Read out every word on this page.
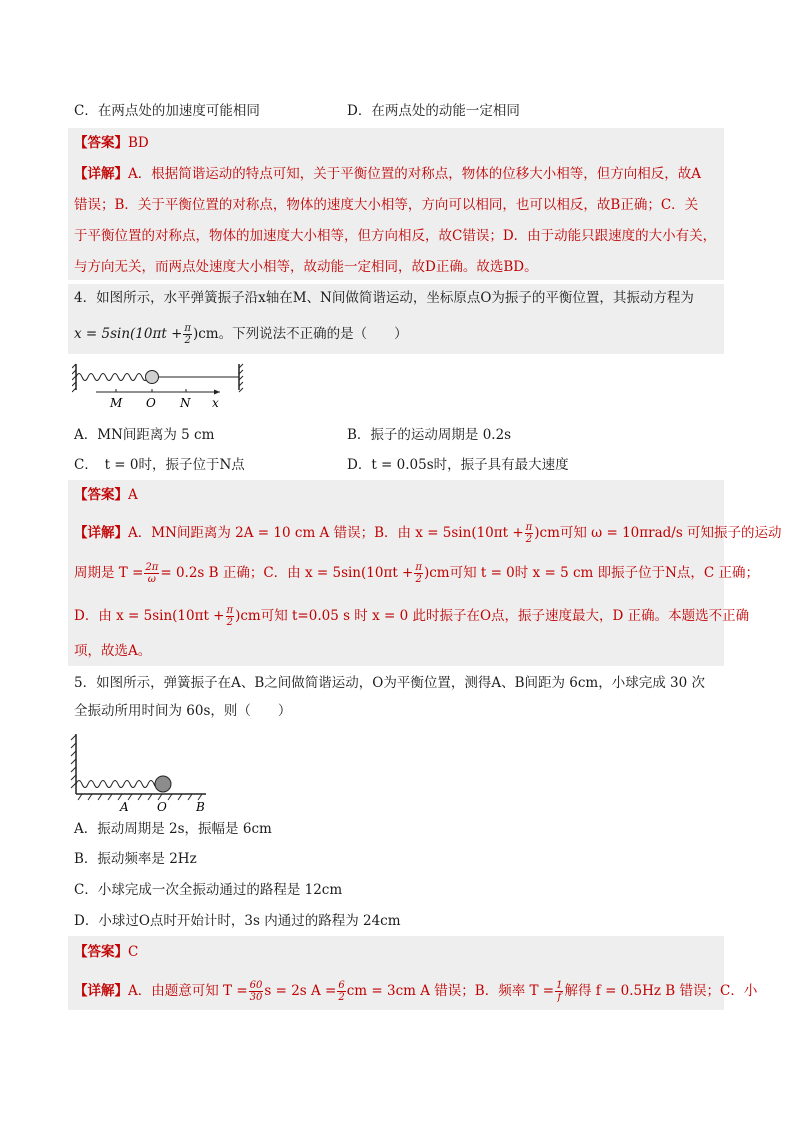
C．在两点处的加速度可能相同	D．在两点处的动能一定相同
【答案】BD
【详解】A．根据简谐运动的特点可知，关于平衡位置的对称点，物体的位移大小相等，但方向相反，故A
错误；B．关于平衡位置的对称点，物体的速度大小相等，方向可以相同，也可以相反，故B正确；C．关
于平衡位置的对称点，物体的加速度大小相等，但方向相反，故C错误；D．由于动能只跟速度的大小有关，
与方向无关，而两点处速度大小相等，故动能一定相同，故D正确。故选BD。
4．如图所示，水平弹簧振子沿x轴在M、N间做简谐运动，坐标原点O为振子的平衡位置，其振动方程为
$x = 5\sin(10\pi t + \frac{\pi}{2} )cm$。下列说法不正确的是（　　）
M O N x
A．MN间距离为 5 cm	B．振子的运动周期是 0.2s
C．　t = 0时，振子位于N点	D．t = 0.05s时，振子具有最大速度
【答案】A
【详解】A．MN间距离为 2A = 10 cm A 错误；B．由 $x = 5\sin(10\pi t + \frac{\pi}{2} )cm$可知 ω = 10πrad/s 可知振子的运动
周期是 $T = \frac{2\pi}{\omega} = 0.2s$ B 正确；C．由 $x = 5\sin(10\pi t + \frac{\pi}{2} )cm$可知 t = 0时 x = 5 cm 即振子位于N点，C 正确；
D．由 $x = 5\sin(10\pi t + \frac{\pi}{2} )cm$可知 t=0.05 s 时 x = 0 此时振子在O点，振子速度最大，D 正确。本题选不正确
项，故选A。
5．如图所示，弹簧振子在A、B之间做简谐运动，O为平衡位置，测得A、B间距为 6cm，小球完成 30 次
全振动所用时间为 60s，则（　　）
A O B
A．振动周期是 2s，振幅是 6cm
B．振动频率是 2Hz
C．小球完成一次全振动通过的路程是 12cm
D．小球过O点时开始计时，3s 内通过的路程为 24cm
【答案】C
【详解】A．由题意可知 $T = \frac{60}{30}$ s = 2s $A = \frac{6}{2}$ cm = 3cm A 错误；B．频率 $T = \frac{1}{f}$ 解得 f = 0.5Hz B 错误；C．小
